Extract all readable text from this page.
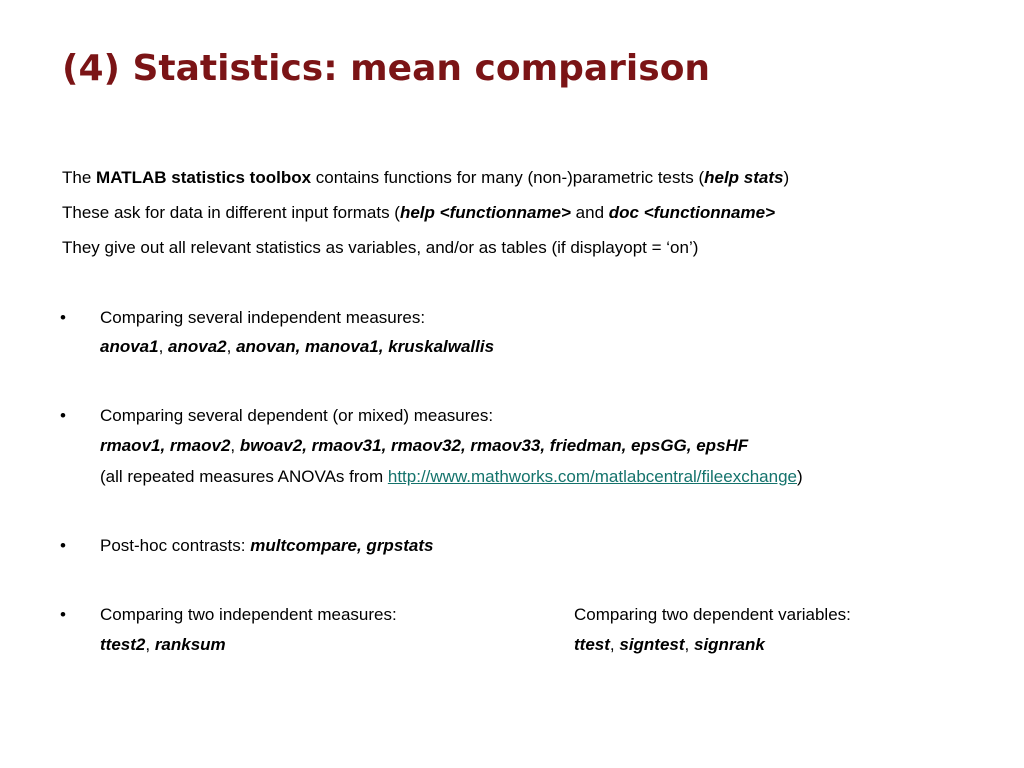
(4) Statistics: mean comparison
The MATLAB statistics toolbox contains functions for many (non-)parametric tests (help stats)
These ask for data in different input formats (help <functionname> and doc <functionname>
They give out all relevant statistics as variables, and/or as tables (if displayopt = ‘on’)
• Comparing several independent measures:
anova1, anova2, anovan, manova1, kruskalwallis
• Comparing several dependent (or mixed) measures:
rmaov1, rmaov2, bwoav2, rmaov31, rmaov32, rmaov33, friedman, epsGG, epsHF
(all repeated measures ANOVAs from http://www.mathworks.com/matlabcentral/fileexchange)
• Post-hoc contrasts: multcompare, grpstats
• Comparing two independent measures:
ttest2, ranksum
Comparing two dependent variables:
ttest, signtest, signrank
